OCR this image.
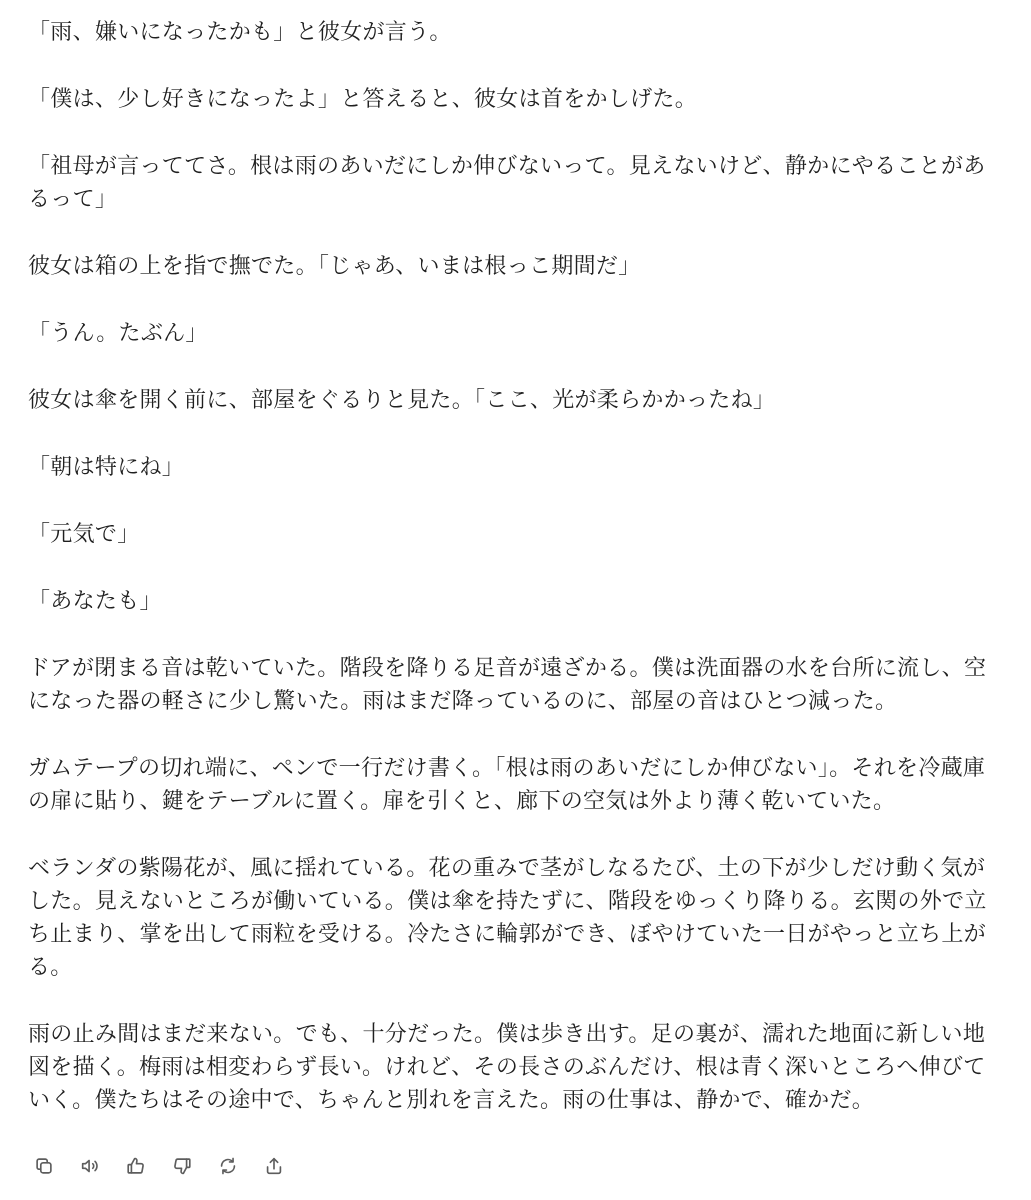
「雨、嫌いになったかも」と彼女が言う。

「僕は、少し好きになったよ」と答えると、彼女は首をかしげた。

「祖母が言っててさ。根は雨のあいだにしか伸びないって。見えないけど、静かにやることがあるって」

彼女は箱の上を指で撫でた。「じゃあ、いまは根っこ期間だ」

「うん。たぶん」

彼女は傘を開く前に、部屋をぐるりと見た。「ここ、光が柔らかかったね」

「朝は特にね」

「元気で」

「あなたも」

ドアが閉まる音は乾いていた。階段を降りる足音が遠ざかる。僕は洗面器の水を台所に流し、空になった器の軽さに少し驚いた。雨はまだ降っているのに、部屋の音はひとつ減った。

ガムテープの切れ端に、ペンで一行だけ書く。「根は雨のあいだにしか伸びない」。それを冷蔵庫の扉に貼り、鍵をテーブルに置く。扉を引くと、廊下の空気は外より薄く乾いていた。

ベランダの紫陽花が、風に揺れている。花の重みで茎がしなるたび、土の下が少しだけ動く気がした。見えないところが働いている。僕は傘を持たずに、階段をゆっくり降りる。玄関の外で立ち止まり、掌を出して雨粒を受ける。冷たさに輪郭ができ、ぼやけていた一日がやっと立ち上がる。

雨の止み間はまだ来ない。でも、十分だった。僕は歩き出す。足の裏が、濡れた地面に新しい地図を描く。梅雨は相変わらず長い。けれど、その長さのぶんだけ、根は青く深いところへ伸びていく。僕たちはその途中で、ちゃんと別れを言えた。雨の仕事は、静かで、確かだ。
